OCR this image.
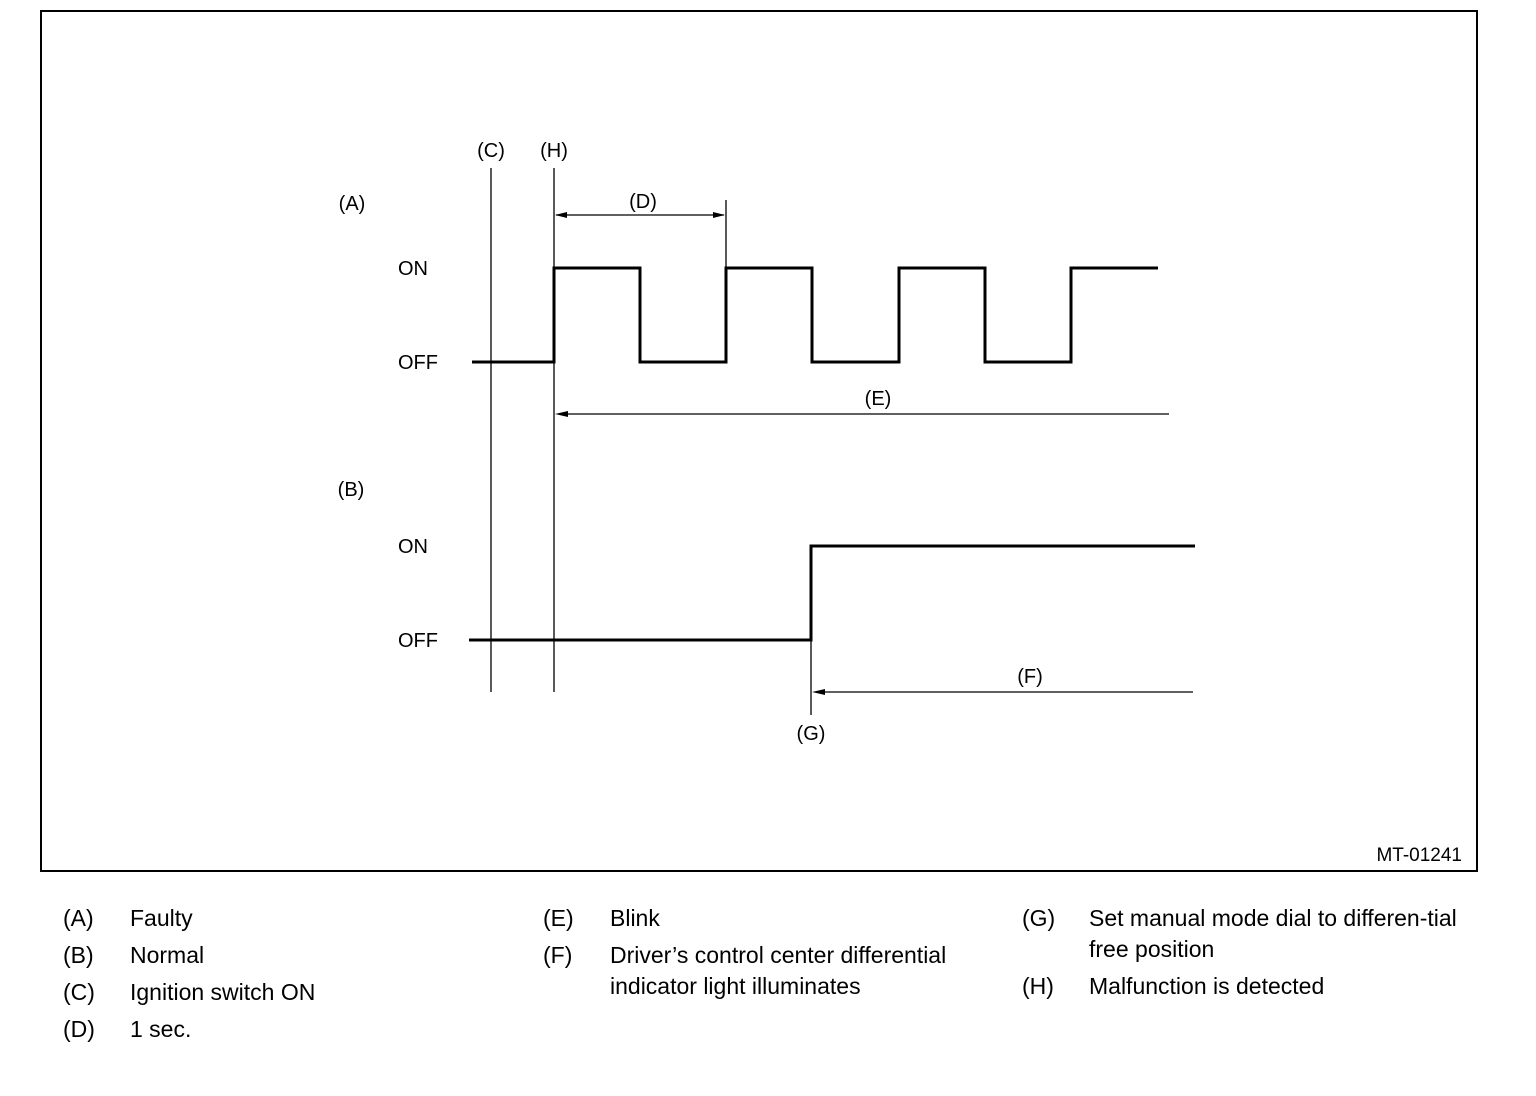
(C) (H)
(A)
(B)
(D)
(E)
(F)
(G)
ON
OFF
ON
OFF
MT-01241
(A) Faulty
(B) Normal
(C) Ignition switch ON
(D) 1 sec.
(E) Blink
(F) Driver’s control center differential indicator light illuminates
(G) Set manual mode dial to differen-tial free position
(H) Malfunction is detected
